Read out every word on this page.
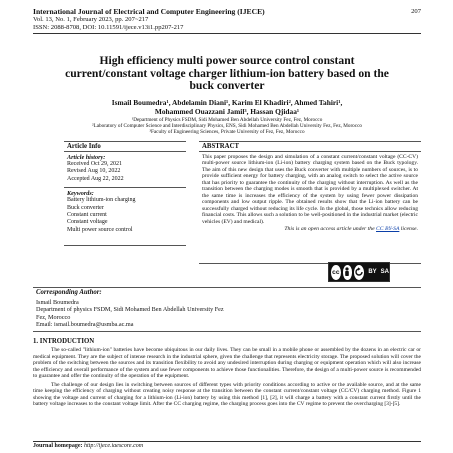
International Journal of Electrical and Computer Engineering (IJECE)
Vol. 13, No. 1, February 2023, pp. 207~217
ISSN: 2088-8708, DOI: 10.11591/ijece.v13i1.pp207-217
207
High efficiency multi power source control constant current/constant voltage charger lithium-ion battery based on the buck converter
Ismail Boumedra¹, Abdelamin Diani¹, Karim El Khadiri², Ahmed Tahiri¹,
Mohammed Ouazzani Jamil³, Hassan Qjidaa¹
¹Department of Physics FSDM, Sidi Mohamed Ben Abdellah University Fez, Fez, Morocco
²Laboratory of Computer Science and Interdisciplinary Physics, ENS, Sidi Mohamed Ben Abdellah University Fez, Fez, Morocco
³Faculty of Engineering Sciences, Private University of Fez, Fez, Morocco
Article Info
Article history:
Received Oct 29, 2021
Revised Aug 10, 2022
Accepted Aug 22, 2022
Keywords:
Battery lithium-ion charging
Buck converter
Constant current
Constant voltage
Multi power source control
ABSTRACT
This paper proposes the design and simulation of a constant current/constant voltage (CC-CV) multi-power source lithium-ion (Li-ion) battery charging system based on the Buck typology. The aim of this new design that uses the Buck converter with multiple numbers of sources, is to provide sufficient energy for battery charging, with an analog switch to select the active source that has priority to guarantee the continuity of the charging without interruption. As well as the transition between the charging modes is smooth that is provided by a multiplexed switcher. At the same time is increases the efficiency of the system by using fewer power dissipation components and low output ripple. The obtained results show that the Li-ion battery can be successfully charged without reducing its life cycle. In the global, those technics allow reducing financial costs. This allows such a solution to be well-positioned in the industrial market (electric vehicles (EV) and medical).
This is an open access article under the CC BY-SA license.
cc	BY SA
Corresponding Author:
Ismail Boumedra
Department of physics FSDM, Sidi Mohamed Ben Abdellah University Fez
Fez, Morocco
Email: ismail.boumedra@usmba.ac.ma
1. INTRODUCTION

The so-called "lithium-ion" batteries have become ubiquitous in our daily lives. They can be small in a mobile phone or assembled by the dozens in an electric car or medical equipment. They are the subject of intense research in the industrial sphere, given the challenge that represents electricity storage. The proposed solution will cover the problem of the switching between the sources and its transition flexibility to avoid any undesired interruption during charging or equipment operation which will also increase the efficiency and overall performance of the system and use fewer components to achieve those functionalities. Therefore, the design of a multi-power source is recommended to guarantee and offer the continuity of the operation of the equipment.

The challenge of our design lies in switching between sources of different types with priority conditions according to active or the available source, and at the same time keeping the efficiency of charging without creating noisy response at the transition between the constant current/constant voltage (CC/CV) charging method. Figure 1 showing the voltage and current of charging for a lithium-ion (Li-ion) battery by using this method [1], [2], it will charge a battery with a constant current firstly until the battery voltage increases to the constant voltage limit. After the CC charging regime, the charging process goes into the CV regime to prevent the overcharging [3]-[5].

Journal homepage: http://ijece.iaescore.com
